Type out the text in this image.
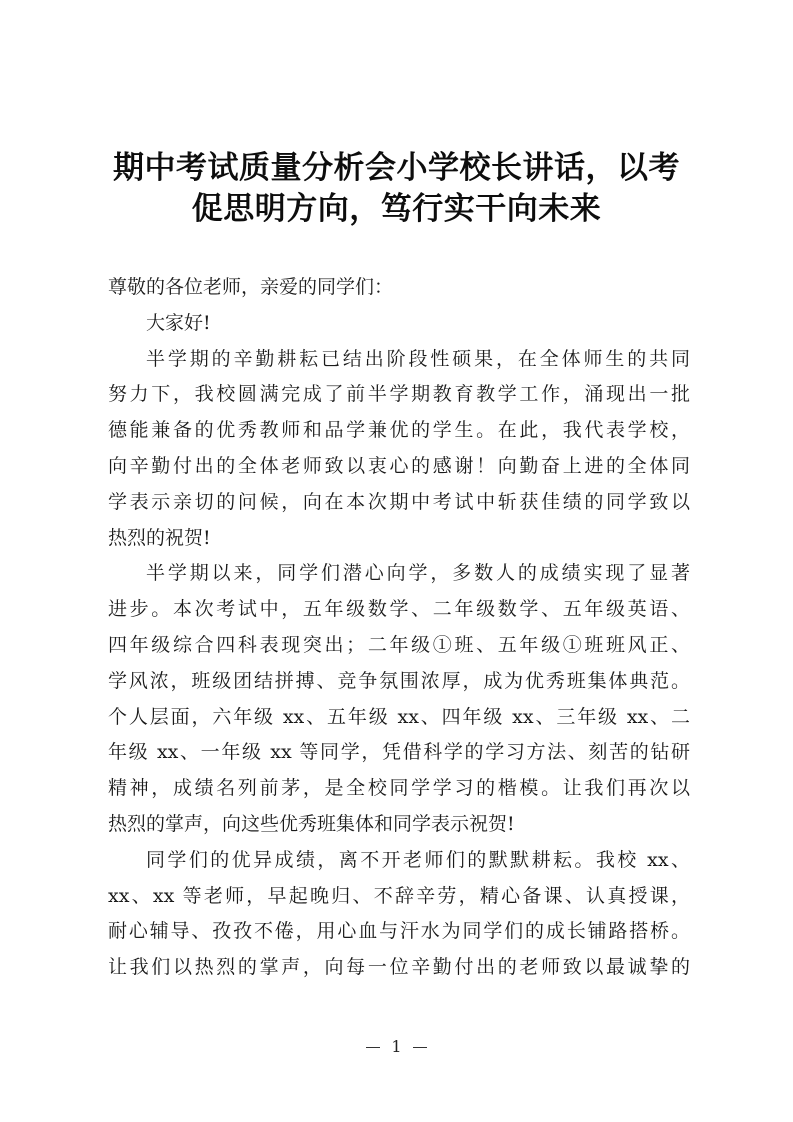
期中考试质量分析会小学校长讲话，以考
促思明方向，笃行实干向未来
尊敬的各位老师，亲爱的同学们：
大家好!
半学期的辛勤耕耘已结出阶段性硕果，在全体师生的共同
努力下，我校圆满完成了前半学期教育教学工作，涌现出一批
德能兼备的优秀教师和品学兼优的学生。在此，我代表学校，
向辛勤付出的全体老师致以衷心的感谢！向勤奋上进的全体同
学表示亲切的问候，向在本次期中考试中斩获佳绩的同学致以
热烈的祝贺!
半学期以来，同学们潜心向学，多数人的成绩实现了显著
进步。本次考试中，五年级数学、二年级数学、五年级英语、
四年级综合四科表现突出；二年级①班、五年级①班班风正、
学风浓，班级团结拼搏、竞争氛围浓厚，成为优秀班集体典范。
个人层面，六年级 xx、五年级 xx、四年级 xx、三年级 xx、二
年级 xx、一年级 xx 等同学，凭借科学的学习方法、刻苦的钻研
精神，成绩名列前茅，是全校同学学习的楷模。让我们再次以
热烈的掌声，向这些优秀班集体和同学表示祝贺!
同学们的优异成绩，离不开老师们的默默耕耘。我校 xx、
xx、xx 等老师，早起晚归、不辞辛劳，精心备课、认真授课，
耐心辅导、孜孜不倦，用心血与汗水为同学们的成长铺路搭桥。
让我们以热烈的掌声，向每一位辛勤付出的老师致以最诚挚的
1
